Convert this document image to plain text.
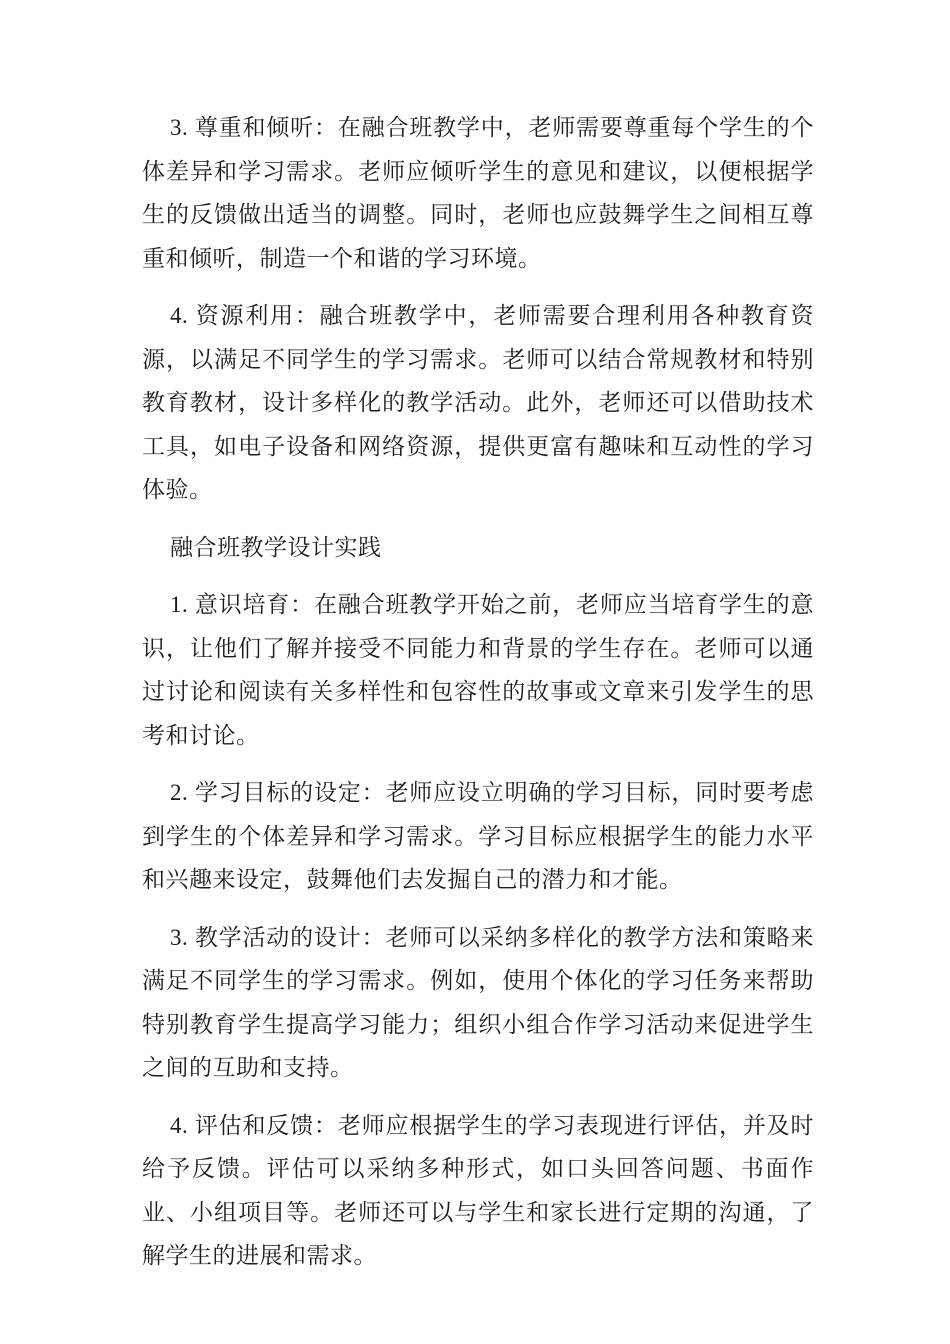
3. 尊重和倾听：在融合班教学中，老师需要尊重每个学生的个体差异和学习需求。老师应倾听学生的意见和建议，以便根据学生的反馈做出适当的调整。同时，老师也应鼓舞学生之间相互尊重和倾听，制造一个和谐的学习环境。

4. 资源利用：融合班教学中，老师需要合理利用各种教育资源，以满足不同学生的学习需求。老师可以结合常规教材和特别教育教材，设计多样化的教学活动。此外，老师还可以借助技术工具，如电子设备和网络资源，提供更富有趣味和互动性的学习体验。

融合班教学设计实践

1. 意识培育：在融合班教学开始之前，老师应当培育学生的意识，让他们了解并接受不同能力和背景的学生存在。老师可以通过讨论和阅读有关多样性和包容性的故事或文章来引发学生的思考和讨论。

2. 学习目标的设定：老师应设立明确的学习目标，同时要考虑到学生的个体差异和学习需求。学习目标应根据学生的能力水平和兴趣来设定，鼓舞他们去发掘自己的潜力和才能。

3. 教学活动的设计：老师可以采纳多样化的教学方法和策略来满足不同学生的学习需求。例如，使用个体化的学习任务来帮助特别教育学生提高学习能力；组织小组合作学习活动来促进学生之间的互助和支持。

4. 评估和反馈：老师应根据学生的学习表现进行评估，并及时给予反馈。评估可以采纳多种形式，如口头回答问题、书面作业、小组项目等。老师还可以与学生和家长进行定期的沟通，了解学生的进展和需求。
